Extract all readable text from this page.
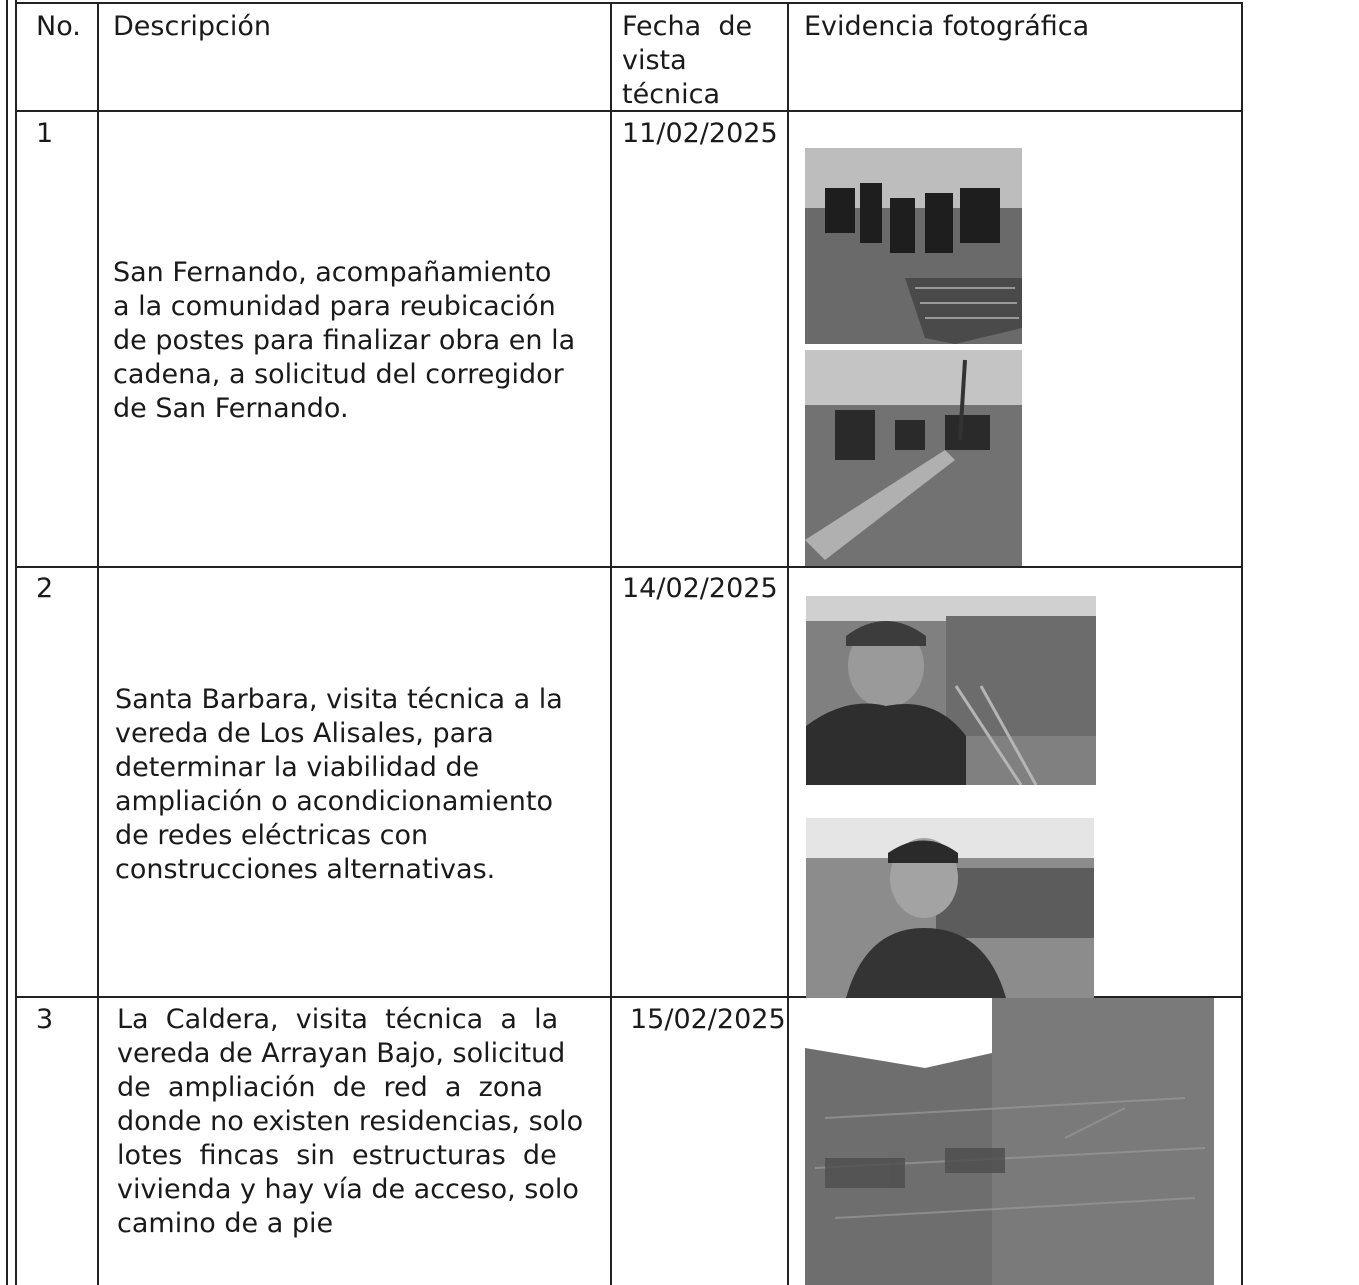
No. Descripción	Fecha  de
vista
técnica
Evidencia fotográfica
1
San Fernando, acompañamiento
a la comunidad para reubicación
de postes para finalizar obra en la
cadena, a solicitud del corregidor
de San Fernando.
11/02/2025
2
Santa Barbara, visita técnica a la
vereda de Los Alisales, para
determinar la viabilidad de
ampliación o acondicionamiento
de redes eléctricas con
construcciones alternativas.
14/02/2025
3 La  Caldera,  visita  técnica  a  la
vereda de Arrayan Bajo, solicitud
de  ampliación  de  red  a  zona
donde no existen residencias, solo
lotes  fincas  sin  estructuras  de
vivienda y hay vía de acceso, solo
camino de a pie
15/02/2025
